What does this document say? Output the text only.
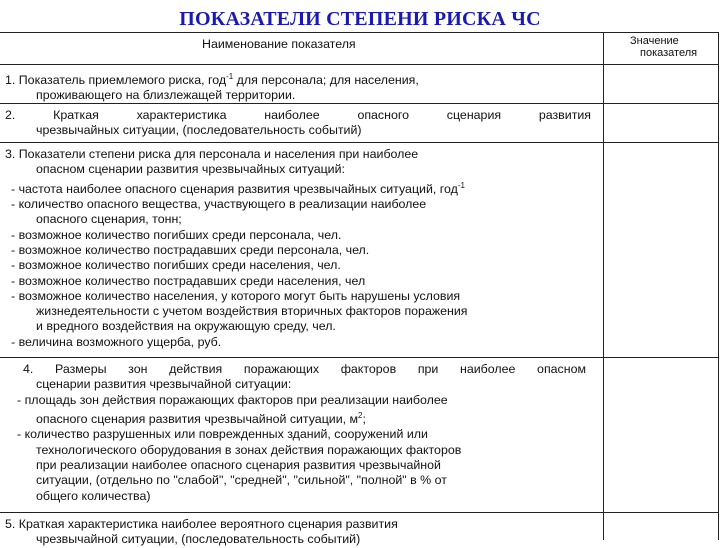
ПОКАЗАТЕЛИ СТЕПЕНИ РИСКА ЧС
Наименование показателя	Значение
показателя
1. Показатель приемлемого риска, год$^{-1}$ для персонала; для населения,
проживающего на близлежащей территории.
2. Краткая характеристика наиболее опасного сценария развития
чрезвычайных ситуации, (последовательность событий)
3. Показатели степени риска для персонала и населения при наиболее
опасном сценарии развития чрезвычайных ситуаций:
- частота наиболее опасного сценария развития чрезвычайных ситуаций, год$^{-1}$
- количество опасного вещества, участвующего в реализации наиболее
опасного сценария, тонн;
- возможное количество погибших среди персонала, чел.
- возможное количество пострадавших среди персонала, чел.
- возможное количество погибших среди населения, чел.
- возможное количество пострадавших среди населения, чел
- возможное количество населения, у которого могут быть нарушены условия
жизнедеятельности с учетом воздействия вторичных факторов поражения
и вредного воздействия на окружающую среду, чел.
- величина возможного ущерба, руб.
4. Размеры зон действия поражающих факторов при наиболее опасном
сценарии развития чрезвычайной ситуации:
- площадь зон действия поражающих факторов при реализации наиболее
опасного сценария развития чрезвычайной ситуации, $м^2$;
- количество разрушенных или поврежденных зданий, сооружений или
технологического оборудования в зонах действия поражающих факторов
при реализации наиболее опасного сценария развития чрезвычайной
ситуации, (отдельно по "слабой", "средней", "сильной", "полной" в % от
общего количества)
5. Краткая характеристика наиболее вероятного сценария развития
чрезвычайной ситуации, (последовательность событий)
